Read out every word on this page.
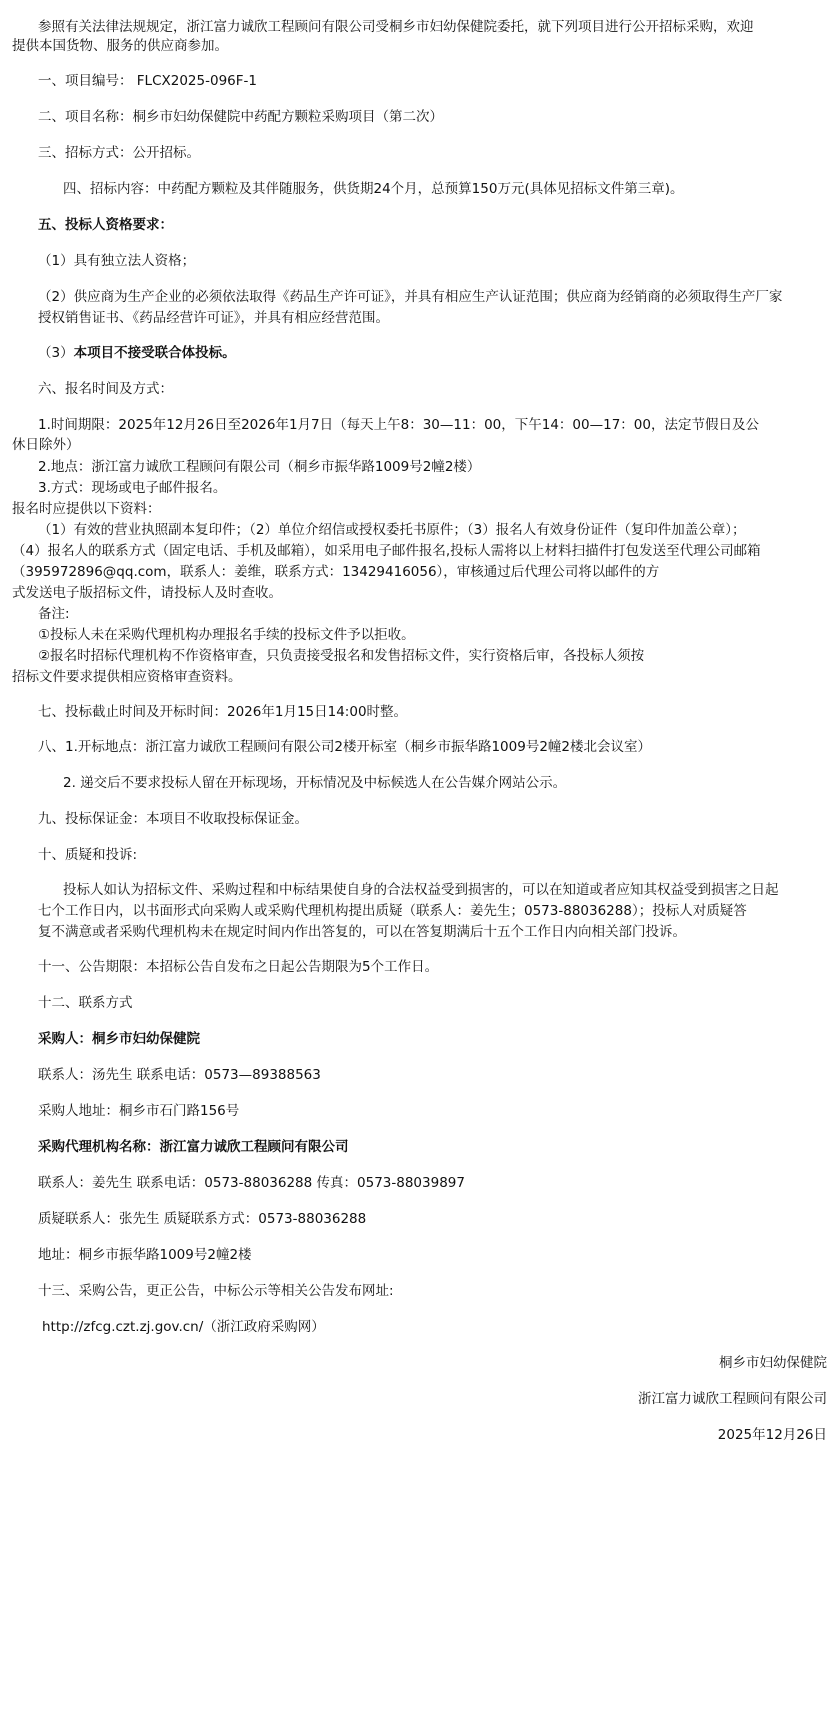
参照有关法律法规规定，浙江富力诚欣工程顾问有限公司受桐乡市妇幼保健院委托，就下列项目进行公开招标采购，欢迎
提供本国货物、服务的供应商参加。
一、项目编号： FLCX2025-096F-1
二、项目名称：桐乡市妇幼保健院中药配方颗粒采购项目（第二次）
三、招标方式：公开招标。
四、招标内容：中药配方颗粒及其伴随服务，供货期24个月，总预算150万元(具体见招标文件第三章)。
五、投标人资格要求：
（1）具有独立法人资格；
（2）供应商为生产企业的必须依法取得《药品生产许可证》，并具有相应生产认证范围；供应商为经销商的必须取得生产厂家
授权销售证书、《药品经营许可证》，并具有相应经营范围。
（3）本项目不接受联合体投标。
六、报名时间及方式：
1.时间期限：2025年12月26日至2026年1月7日（每天上午8：30—11：00，下午14：00—17：00，法定节假日及公
休日除外）
2.地点：浙江富力诚欣工程顾问有限公司（桐乡市振华路1009号2幢2楼）
3.方式：现场或电子邮件报名。
报名时应提供以下资料：
（1）有效的营业执照副本复印件；（2）单位介绍信或授权委托书原件；（3）报名人有效身份证件（复印件加盖公章）；
（4）报名人的联系方式（固定电话、手机及邮箱），如采用电子邮件报名,投标人需将以上材料扫描件打包发送至代理公司邮箱
（395972896@qq.com，联系人：姜维，联系方式：13429416056），审核通过后代理公司将以邮件的方
式发送电子版招标文件，请投标人及时查收。
备注:
①投标人未在采购代理机构办理报名手续的投标文件予以拒收。
②报名时招标代理机构不作资格审查，只负责接受报名和发售招标文件，实行资格后审，各投标人须按
招标文件要求提供相应资格审查资料。
七、投标截止时间及开标时间：2026年1月15日14:00时整。
八、1.开标地点：浙江富力诚欣工程顾问有限公司2楼开标室（桐乡市振华路1009号2幢2楼北会议室）
2. 递交后不要求投标人留在开标现场，开标情况及中标候选人在公告媒介网站公示。
九、投标保证金：本项目不收取投标保证金。
十、质疑和投诉:
投标人如认为招标文件、采购过程和中标结果使自身的合法权益受到损害的，可以在知道或者应知其权益受到损害之日起
七个工作日内，以书面形式向采购人或采购代理机构提出质疑（联系人：姜先生；0573-88036288）；投标人对质疑答
复不满意或者采购代理机构未在规定时间内作出答复的，可以在答复期满后十五个工作日内向相关部门投诉。
十一、公告期限：本招标公告自发布之日起公告期限为5个工作日。
十二、联系方式
采购人：桐乡市妇幼保健院
联系人：汤先生 联系电话：0573—89388563
采购人地址：桐乡市石门路156号
采购代理机构名称：浙江富力诚欣工程顾问有限公司
联系人：姜先生 联系电话：0573-88036288 传真：0573-88039897
质疑联系人：张先生 质疑联系方式：0573-88036288
地址：桐乡市振华路1009号2幢2楼
十三、采购公告，更正公告，中标公示等相关公告发布网址:
http://zfcg.czt.zj.gov.cn/（浙江政府采购网）
桐乡市妇幼保健院
浙江富力诚欣工程顾问有限公司
2025年12月26日
